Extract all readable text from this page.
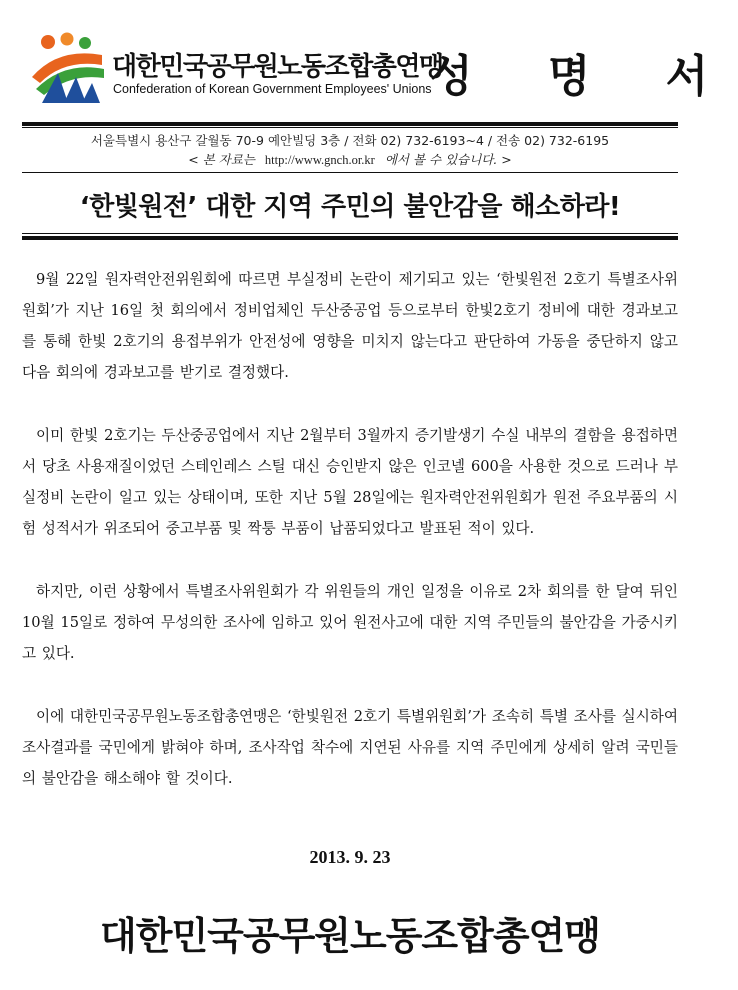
대한민국공무원노동조합총연맹
Confederation of Korean Government Employees' Unions
성 명 서
서울특별시 용산구 갈월동 70-9 예안빌딩 3층 / 전화 02) 732-6193~4 / 전송 02) 732-6195
< 본 자료는 http://www.gnch.or.kr 에서 볼 수 있습니다. >
‘한빛원전’ 대한 지역 주민의 불안감을 해소하라!

9월 22일 원자력안전위원회에 따르면 부실정비 논란이 제기되고 있는 ‘한빛원전 2호기 특별조사위원회’가 지난 16일 첫 회의에서 정비업체인 두산중공업 등으로부터 한빛2호기 정비에 대한 경과보고를 통해 한빛 2호기의 용접부위가 안전성에 영향을 미치지 않는다고 판단하여 가동을 중단하지 않고 다음 회의에 경과보고를 받기로 결정했다.

이미 한빛 2호기는 두산중공업에서 지난 2월부터 3월까지 증기발생기 수실 내부의 결함을 용접하면서 당초 사용재질이었던 스테인레스 스틸 대신 승인받지 않은 인코넬 600을 사용한 것으로 드러나 부실정비 논란이 일고 있는 상태이며, 또한 지난 5월 28일에는 원자력안전위원회가 원전 주요부품의 시험 성적서가 위조되어 중고부품 및 짝퉁 부품이 납품되었다고 발표된 적이 있다.

하지만, 이런 상황에서 특별조사위원회가 각 위원들의 개인 일정을 이유로 2차 회의를 한 달여 뒤인 10월 15일로 정하여 무성의한 조사에 임하고 있어 원전사고에 대한 지역 주민들의 불안감을 가중시키고 있다.

이에 대한민국공무원노동조합총연맹은 ‘한빛원전 2호기 특별위원회’가 조속히 특별 조사를 실시하여 조사결과를 국민에게 밝혀야 하며, 조사작업 착수에 지연된 사유를 지역 주민에게 상세히 알려 국민들의 불안감을 해소해야 할 것이다.

2013. 9. 23
대한민국공무원노동조합총연맹
